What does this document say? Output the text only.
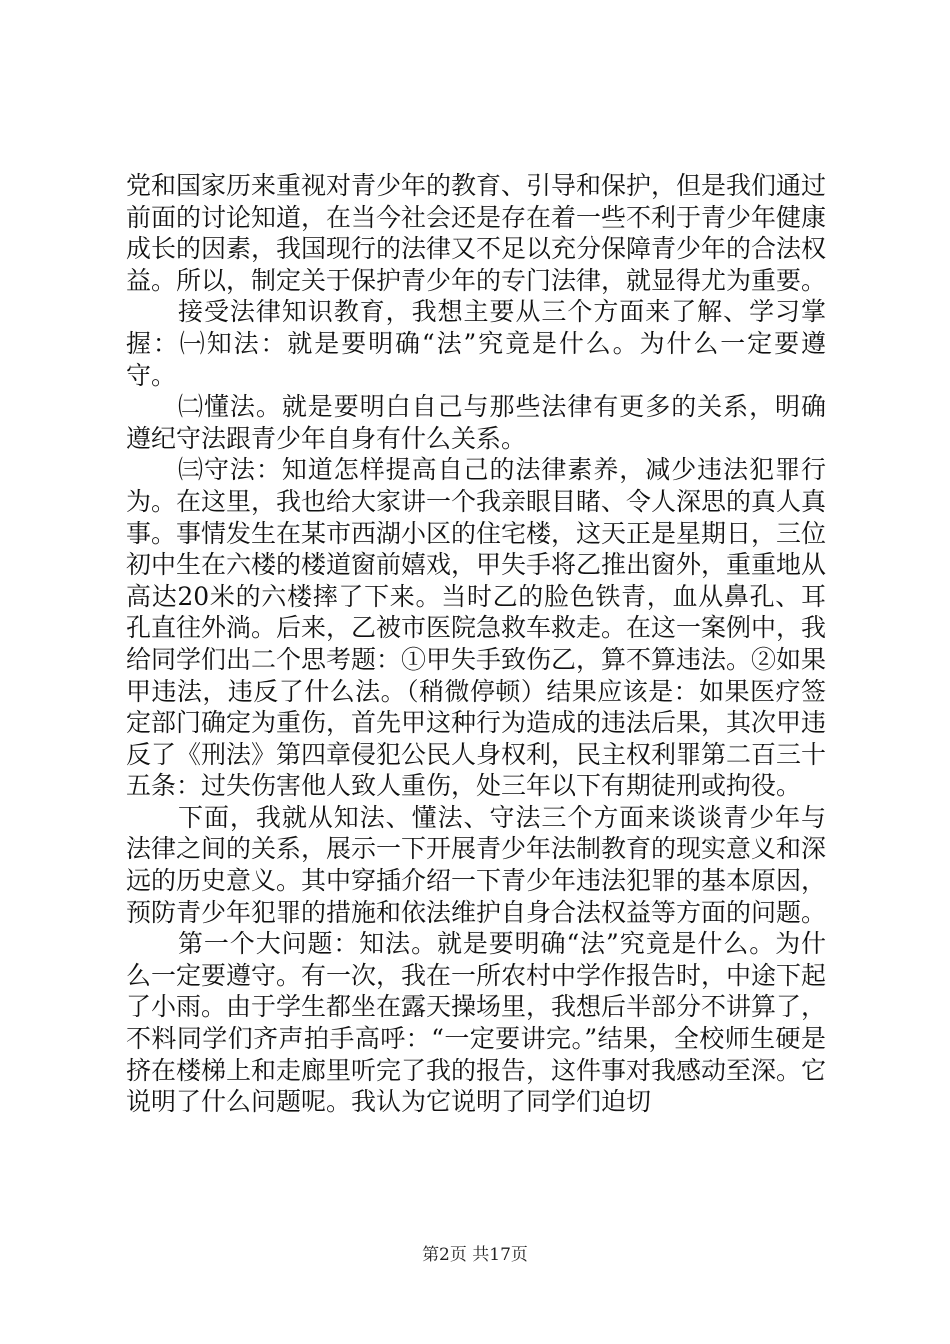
党和国家历来重视对青少年的教育、引导和保护，但是我们通过前面的讨论知道，在当今社会还是存在着一些不利于青少年健康成长的因素，我国现行的法律又不足以充分保障青少年的合法权益。所以，制定关于保护青少年的专门法律，就显得尤为重要。

接受法律知识教育，我想主要从三个方面来了解、学习掌握：㈠知法：就是要明确“法”究竟是什么。为什么一定要遵守。

㈡懂法。就是要明白自己与那些法律有更多的关系，明确遵纪守法跟青少年自身有什么关系。

㈢守法：知道怎样提高自己的法律素养，减少违法犯罪行为。在这里，我也给大家讲一个我亲眼目睹、令人深思的真人真事。事情发生在某市西湖小区的住宅楼，这天正是星期日，三位初中生在六楼的楼道窗前嬉戏，甲失手将乙推出窗外，重重地从高达20米的六楼摔了下来。当时乙的脸色铁青，血从鼻孔、耳孔直往外淌。后来，乙被市医院急救车救走。在这一案例中，我给同学们出二个思考题：①甲失手致伤乙，算不算违法。②如果甲违法，违反了什么法。（稍微停顿）结果应该是：如果医疗签定部门确定为重伤，首先甲这种行为造成的违法后果，其次甲违反了《刑法》第四章侵犯公民人身权利，民主权利罪第二百三十五条：过失伤害他人致人重伤，处三年以下有期徒刑或拘役。

下面，我就从知法、懂法、守法三个方面来谈谈青少年与法律之间的关系，展示一下开展青少年法制教育的现实意义和深远的历史意义。其中穿插介绍一下青少年违法犯罪的基本原因，预防青少年犯罪的措施和依法维护自身合法权益等方面的问题。

第一个大问题：知法。就是要明确“法”究竟是什么。为什么一定要遵守。有一次，我在一所农村中学作报告时，中途下起了小雨。由于学生都坐在露天操场里，我想后半部分不讲算了，不料同学们齐声拍手高呼：“一定要讲完。”结果，全校师生硬是挤在楼梯上和走廊里听完了我的报告，这件事对我感动至深。它说明了什么问题呢。我认为它说明了同学们迫切

第2页 共17页
